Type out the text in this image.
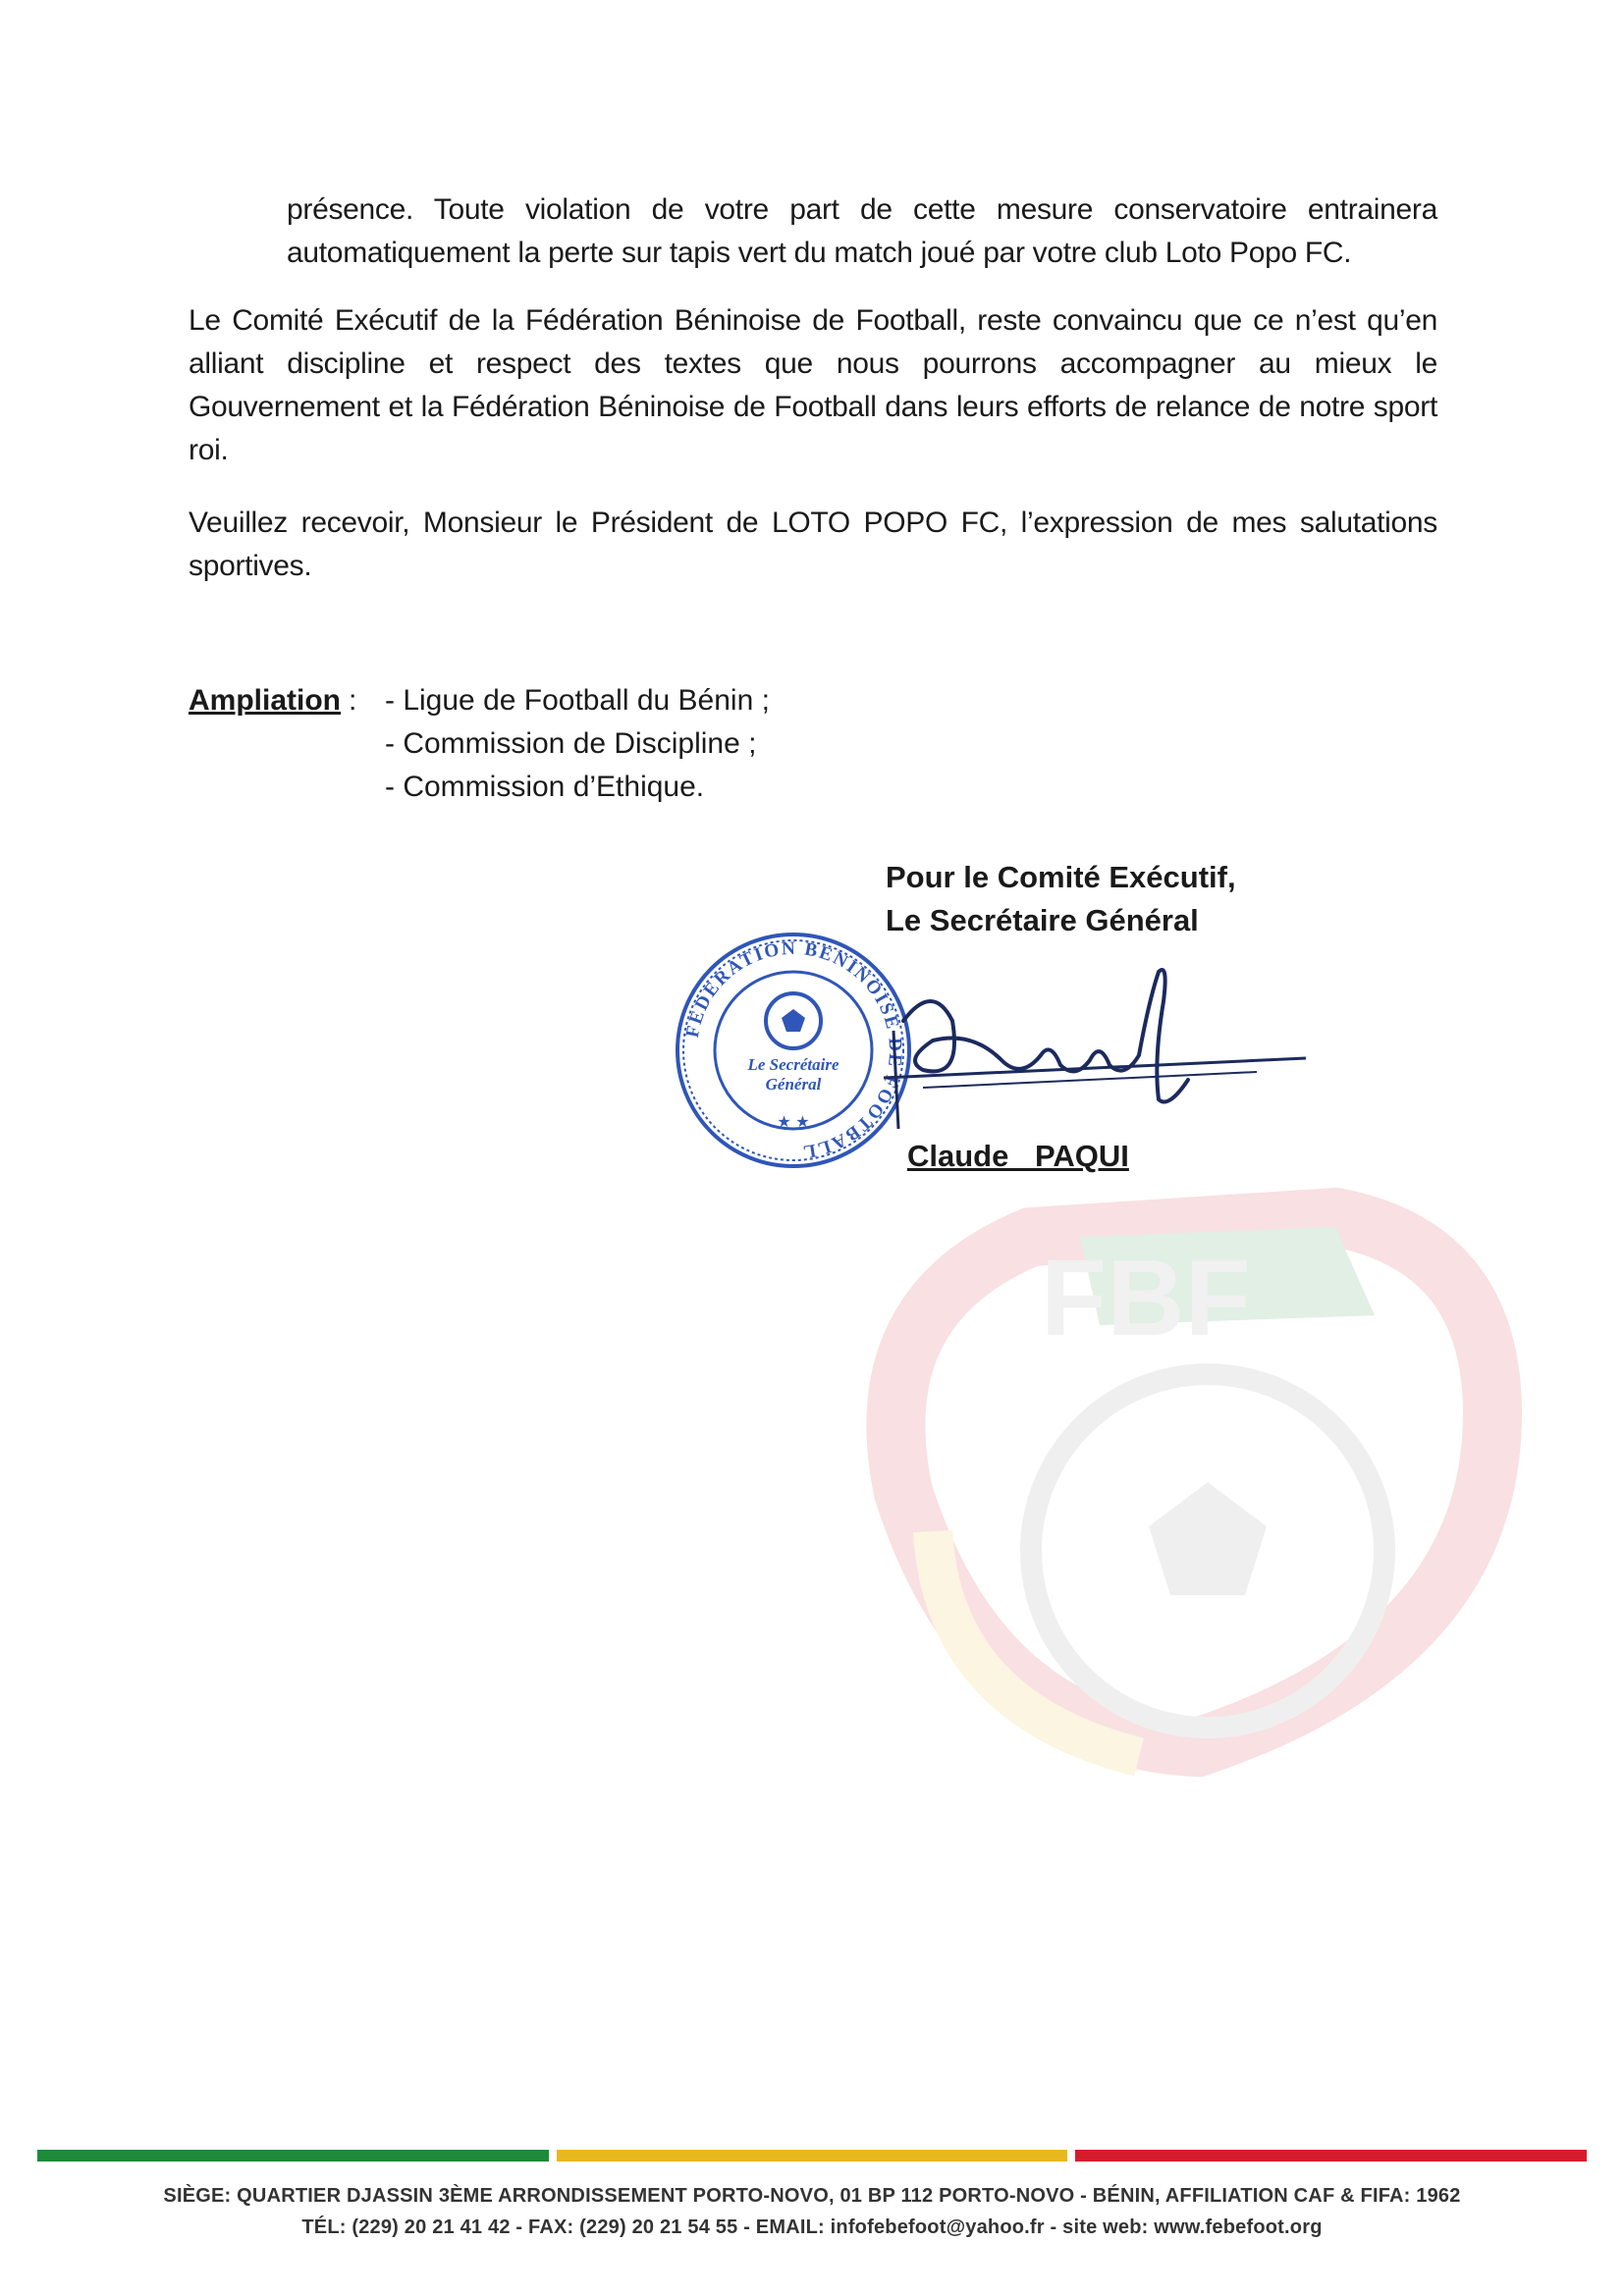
FBF

présence. Toute violation de votre part de cette mesure conservatoire entrainera automatiquement la perte sur tapis vert du match joué par votre club Loto Popo FC.

Le Comité Exécutif de la Fédération Béninoise de Football, reste convaincu que ce n’est qu’en alliant discipline et respect des textes que nous pourrons accompagner au mieux le Gouvernement et la Fédération Béninoise de Football dans leurs efforts de relance de notre sport roi.

Veuillez recevoir, Monsieur le Président de LOTO POPO FC, l’expression de mes salutations sportives.

Ampliation : - Ligue de Football du Bénin ;
- Commission de Discipline ;
- Commission d’Ethique.
Pour le Comité Exécutif,
Le Secrétaire Général
FEDERATION BENINOISE DE FOOTBALL
Le Secrétaire
Général
★ ★
Claude PAQUI
SIÈGE: QUARTIER DJASSIN 3ÈME ARRONDISSEMENT PORTO-NOVO, 01 BP 112 PORTO-NOVO - BÉNIN, AFFILIATION CAF & FIFA: 1962
TÉL: (229) 20 21 41 42 - FAX: (229) 20 21 54 55 - EMAIL: infofebefoot@yahoo.fr - site web: www.febefoot.org
